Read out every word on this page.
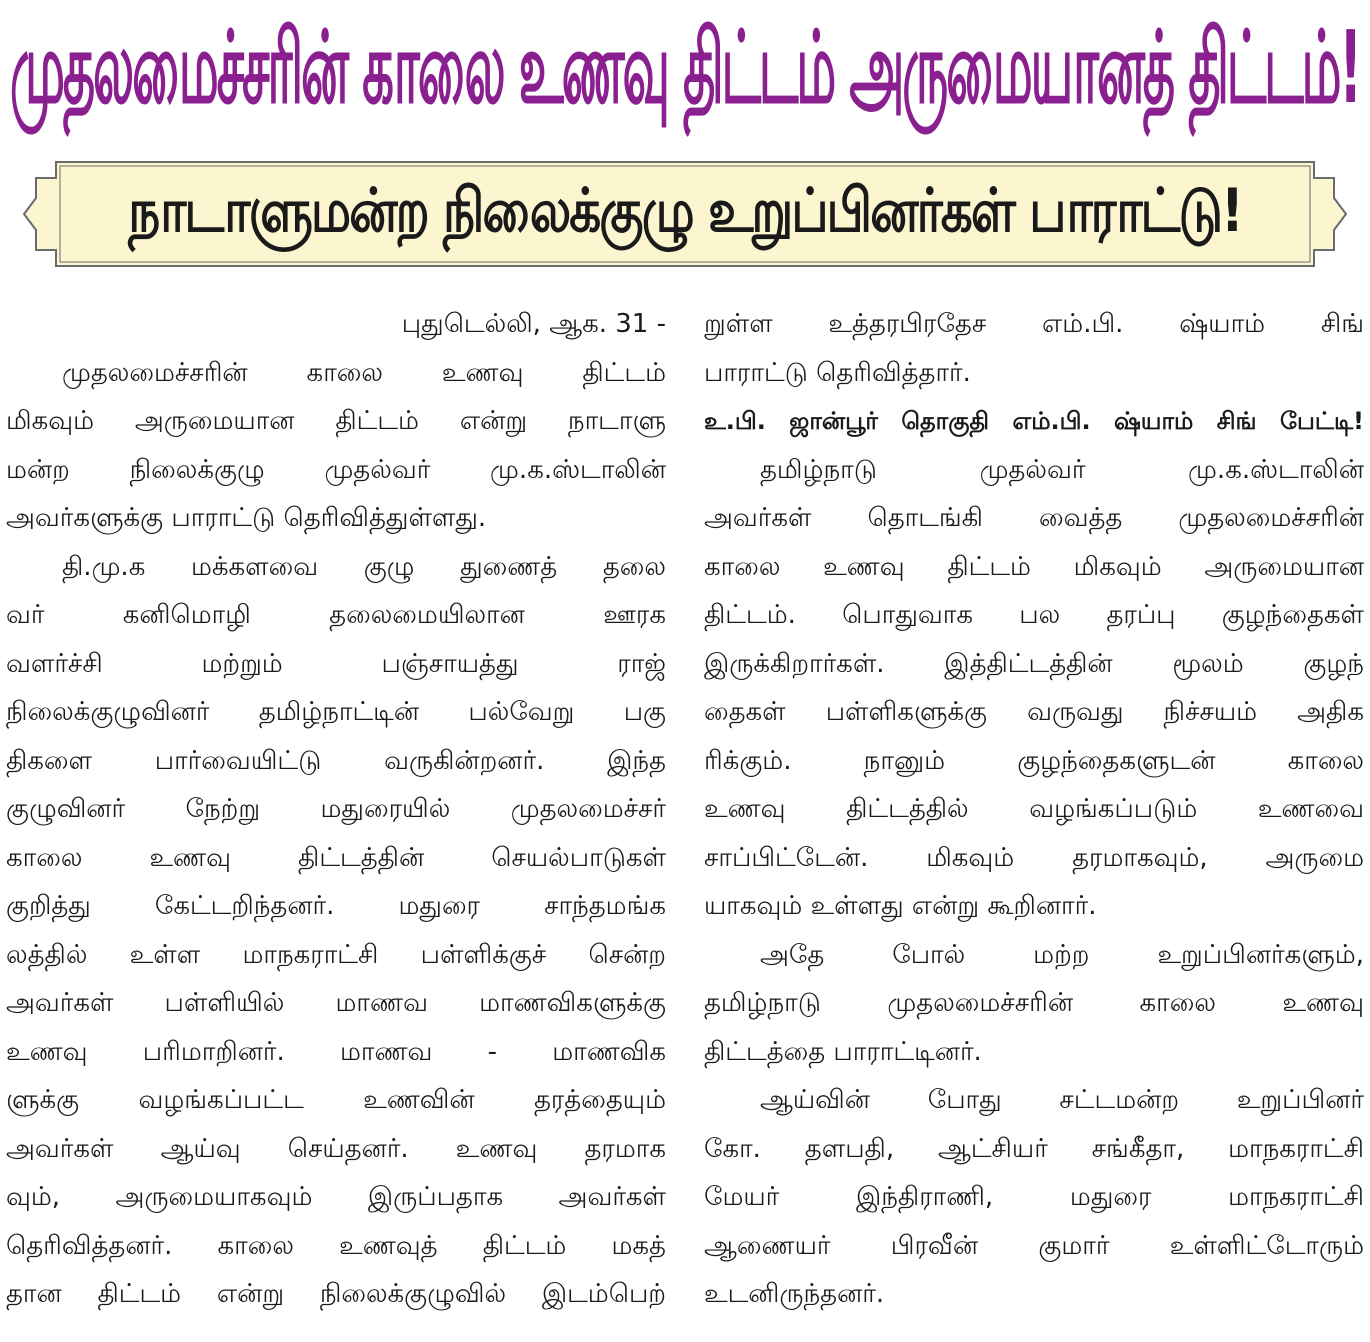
முதலமைச்சரின் காலை உணவு திட்டம் அருமையானத் திட்டம்!
நாடாளுமன்ற நிலைக்குழு உறுப்பினர்கள் பாராட்டு!
புதுடெல்லி, ஆக. 31 -
முதலமைச்சரின் காலை உணவு திட்டம்
மிகவும் அருமையான திட்டம் என்று நாடாளு
மன்ற நிலைக்குழு முதல்வர் மு.க.ஸ்டாலின்
அவர்களுக்கு பாராட்டு தெரிவித்துள்ளது.
தி.மு.க மக்களவை குழு துணைத் தலை
வர் கனிமொழி தலைமையிலான ஊரக
வளர்ச்சி மற்றும் பஞ்சாயத்து ராஜ்
நிலைக்குழுவினர் தமிழ்நாட்டின் பல்வேறு பகு
திகளை பார்வையிட்டு வருகின்றனர். இந்த
குழுவினர் நேற்று மதுரையில் முதலமைச்சர்
காலை உணவு திட்டத்தின் செயல்பாடுகள்
குறித்து கேட்டறிந்தனர். மதுரை சாந்தமங்க
லத்தில் உள்ள மாநகராட்சி பள்ளிக்குச் சென்ற
அவர்கள் பள்ளியில் மாணவ மாணவிகளுக்கு
உணவு பரிமாறினர். மாணவ - மாணவிக
ளுக்கு வழங்கப்பட்ட உணவின் தரத்தையும்
அவர்கள் ஆய்வு செய்தனர். உணவு தரமாக
வும், அருமையாகவும் இருப்பதாக அவர்கள்
தெரிவித்தனர். காலை உணவுத் திட்டம் மகத்
தான திட்டம் என்று நிலைக்குழுவில் இடம்பெற்
றுள்ள உத்தரபிரதேச எம்.பி. ஷ்யாம் சிங்
பாராட்டு தெரிவித்தார்.
உ.பி. ஜான்பூர் தொகுதி எம்.பி. ஷ்யாம் சிங் பேட்டி!
தமிழ்நாடு முதல்வர் மு.க.ஸ்டாலின்
அவர்கள் தொடங்கி வைத்த முதலமைச்சரின்
காலை உணவு திட்டம் மிகவும் அருமையான
திட்டம். பொதுவாக பல தரப்பு குழந்தைகள்
இருக்கிறார்கள். இத்திட்டத்தின் மூலம் குழந்
தைகள் பள்ளிகளுக்கு வருவது நிச்சயம் அதிக
ரிக்கும். நானும் குழந்தைகளுடன் காலை
உணவு திட்டத்தில் வழங்கப்படும் உணவை
சாப்பிட்டேன். மிகவும் தரமாகவும், அருமை
யாகவும் உள்ளது என்று கூறினார்.
அதே போல் மற்ற உறுப்பினர்களும்,
தமிழ்நாடு முதலமைச்சரின் காலை உணவு
திட்டத்தை பாராட்டினர்.
ஆய்வின் போது சட்டமன்ற உறுப்பினர்
கோ. தளபதி, ஆட்சியர் சங்கீதா, மாநகராட்சி
மேயர் இந்திராணி, மதுரை மாநகராட்சி
ஆணையர் பிரவீன் குமார் உள்ளிட்டோரும்
உடனிருந்தனர்.
